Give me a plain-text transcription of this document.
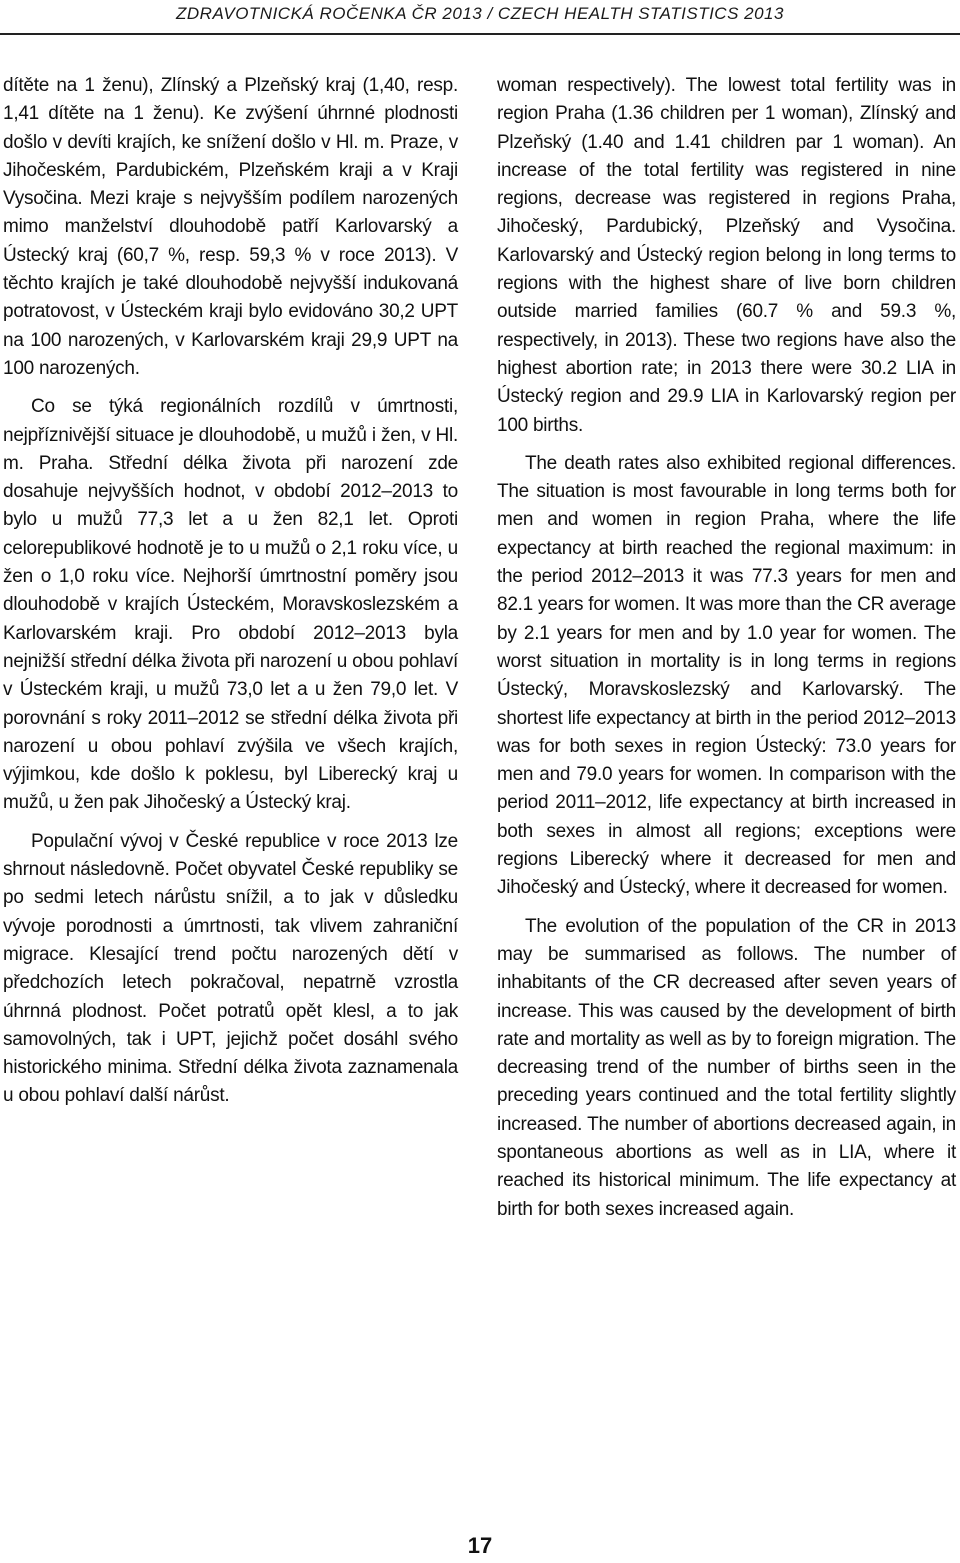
ZDRAVOTNICKÁ ROČENKA ČR 2013 / CZECH HEALTH STATISTICS 2013

dítěte na 1 ženu), Zlínský a Plzeňský kraj (1,40, resp. 1,41 dítěte na 1 ženu). Ke zvýšení úhrnné plodnosti došlo v devíti krajích, ke snížení došlo v Hl. m. Praze, v Jihočeském, Pardubickém, Plzeňském kraji a v Kraji Vysočina. Mezi kraje s nejvyšším podílem narozených mimo manželství dlouhodobě patří Karlovarský a Ústecký kraj (60,7 %, resp. 59,3 % v roce 2013). V těchto krajích je také dlouhodobě nejvyšší indukovaná potratovost, v Ústeckém kraji bylo evidováno 30,2 UPT na 100 narozených, v Karlovarském kraji 29,9 UPT na 100 narozených.

Co se týká regionálních rozdílů v úmrtnosti, nejpříznivější situace je dlouhodobě, u mužů i žen, v Hl. m. Praha. Střední délka života při narození zde dosahuje nejvyšších hodnot, v období 2012–2013 to bylo u mužů 77,3 let a u žen 82,1 let. Oproti celorepublikové hodnotě je to u mužů o 2,1 roku více, u žen o 1,0 roku více. Nejhorší úmrtnostní poměry jsou dlouhodobě v krajích Ústeckém, Moravskoslezském a Karlovarském kraji. Pro období 2012–2013 byla nejnižší střední délka života při narození u obou pohlaví v Ústeckém kraji, u mužů 73,0 let a u žen 79,0 let. V porovnání s roky 2011–2012 se střední délka života při narození u obou pohlaví zvýšila ve všech krajích, výjimkou, kde došlo k poklesu, byl Liberecký kraj u mužů, u žen pak Jihočeský a Ústecký kraj.

Populační vývoj v České republice v roce 2013 lze shrnout následovně. Počet obyvatel České republiky se po sedmi letech nárůstu snížil, a to jak v důsledku vývoje porodnosti a úmrtnosti, tak vlivem zahraniční migrace. Klesající trend počtu narozených dětí v předchozích letech pokračoval, nepatrně vzrostla úhrnná plodnost. Počet potratů opět klesl, a to jak samovolných, tak i UPT, jejichž počet dosáhl svého historického minima. Střední délka života zaznamenala u obou pohlaví další nárůst.

woman respectively). The lowest total fertility was in region Praha (1.36 children per 1 woman), Zlínský and Plzeňský (1.40 and 1.41 children par 1 woman). An increase of the total fertility was registered in nine regions, decrease was registered in regions Praha, Jihočeský, Pardubický, Plzeňský and Vysočina. Karlovarský and Ústecký region belong in long terms to regions with the highest share of live born children outside married families (60.7 % and 59.3 %, respectively, in 2013). These two regions have also the highest abortion rate; in 2013 there were 30.2 LIA in Ústecký region and 29.9 LIA in Karlovarský region per 100 births.

The death rates also exhibited regional differences. The situation is most favourable in long terms both for men and women in region Praha, where the life expectancy at birth reached the regional maximum: in the period 2012–2013 it was 77.3 years for men and 82.1 years for women. It was more than the CR average by 2.1 years for men and by 1.0 year for women. The worst situation in mortality is in long terms in regions Ústecký, Moravskoslezský and Karlovarský. The shortest life expectancy at birth in the period 2012–2013 was for both sexes in region Ústecký: 73.0 years for men and 79.0 years for women. In comparison with the period 2011–2012, life expectancy at birth increased in both sexes in almost all regions; exceptions were regions Liberecký where it decreased for men and Jihočeský and Ústecký, where it decreased for women.

The evolution of the population of the CR in 2013 may be summarised as follows. The number of inhabitants of the CR decreased after seven years of increase. This was caused by the development of birth rate and mortality as well as by to foreign migration. The decreasing trend of the number of births seen in the preceding years continued and the total fertility slightly increased. The number of abortions decreased again, in spontaneous abortions as well as in LIA, where it reached its historical minimum. The life expectancy at birth for both sexes increased again.

17
